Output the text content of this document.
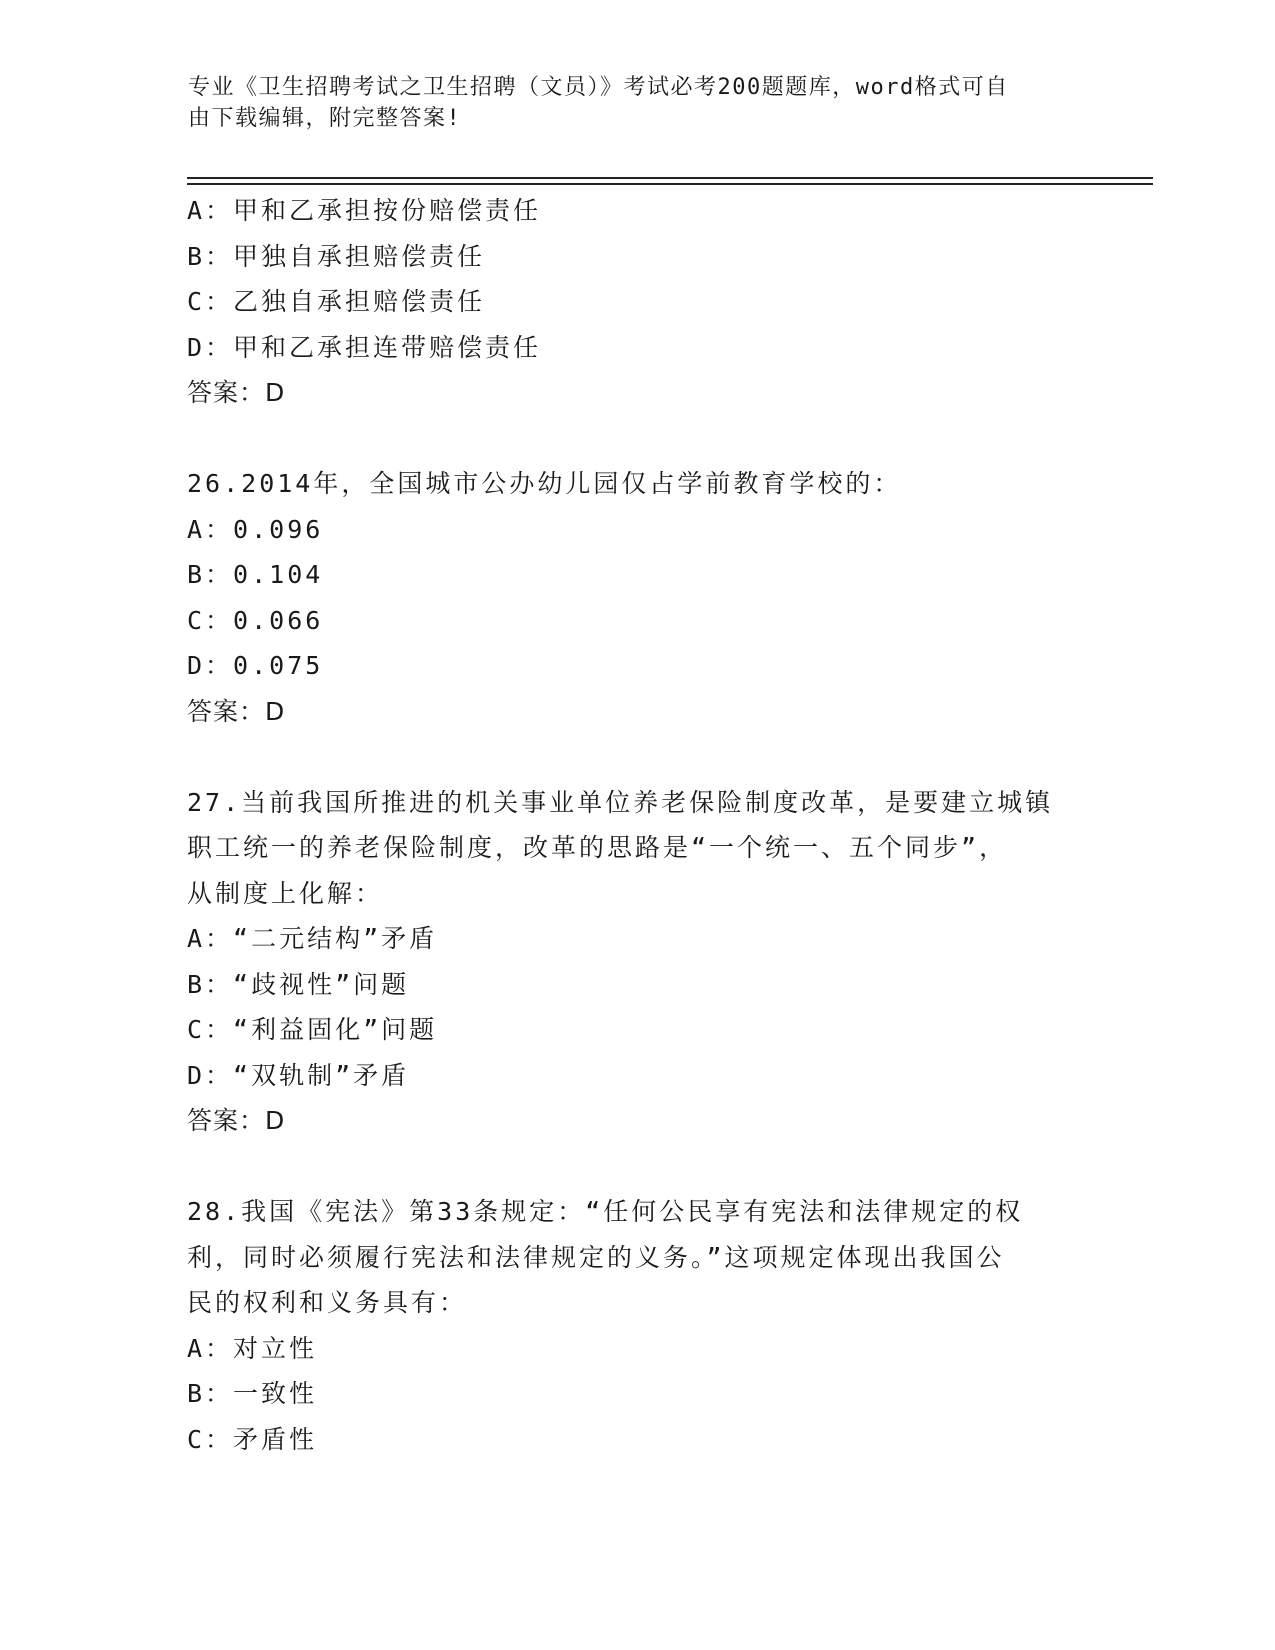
专业《卫生招聘考试之卫生招聘（文员）》考试必考200题题库，word格式可自
由下载编辑，附完整答案!
A：甲和乙承担按份赔偿责任
B：甲独自承担赔偿责任
C：乙独自承担赔偿责任
D：甲和乙承担连带赔偿责任
答案：D
26.2014年，全国城市公办幼儿园仅占学前教育学校的：
A：0.096
B：0.104
C：0.066
D：0.075
答案：D
27.当前我国所推进的机关事业单位养老保险制度改革，是要建立城镇
职工统一的养老保险制度，改革的思路是“一个统一、五个同步”，
从制度上化解：
A：“二元结构”矛盾
B：“歧视性”问题
C：“利益固化”问题
D：“双轨制”矛盾
答案：D
28.我国《宪法》第33条规定：“任何公民享有宪法和法律规定的权
利，同时必须履行宪法和法律规定的义务。”这项规定体现出我国公
民的权利和义务具有：
A：对立性
B：一致性
C：矛盾性
